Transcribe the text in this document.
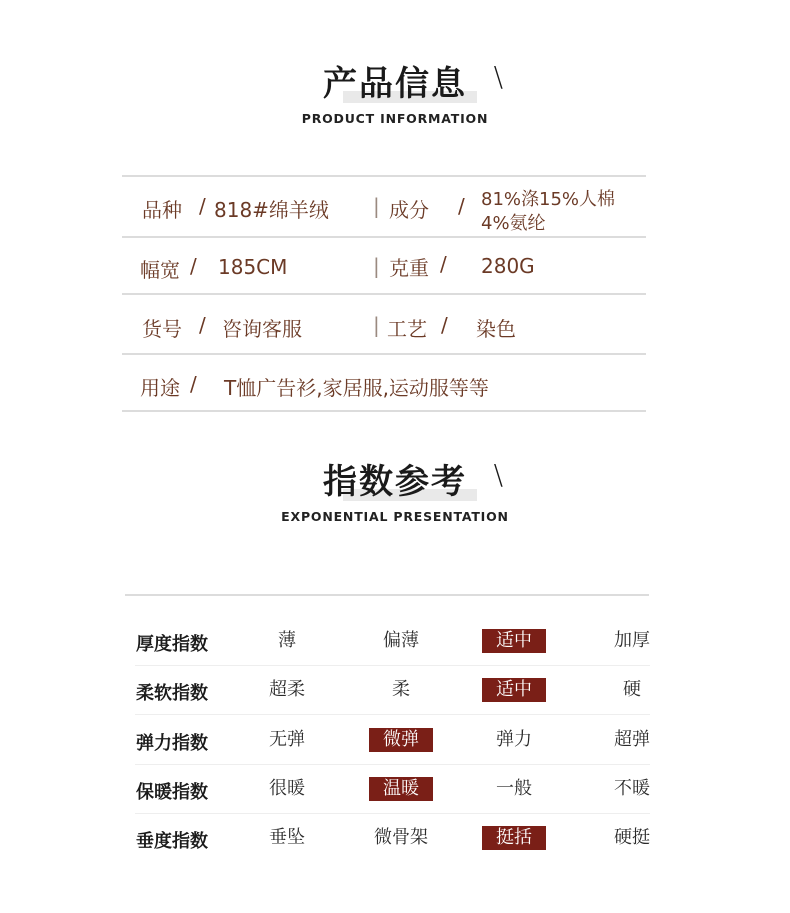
产品信息 \
PRODUCT INFORMATION
品种 / 818#绵羊绒 | 成分 / 81%涤15%人棉 4%氨纶
幅宽 / 185CM	| 克重 / 280G
货号 / 咨询客服	| 工艺 / 染色
用途 / T恤广告衫,家居服,运动服等等
指数参考 \
EXPONENTIAL PRESENTATION
厚度指数	薄	偏薄	适中	加厚
柔软指数	超柔	柔	适中	硬
弹力指数	无弹	微弹	弹力	超弹
保暖指数	很暖	温暖	一般	不暖
垂度指数	垂坠	微骨架	挺括	硬挺
